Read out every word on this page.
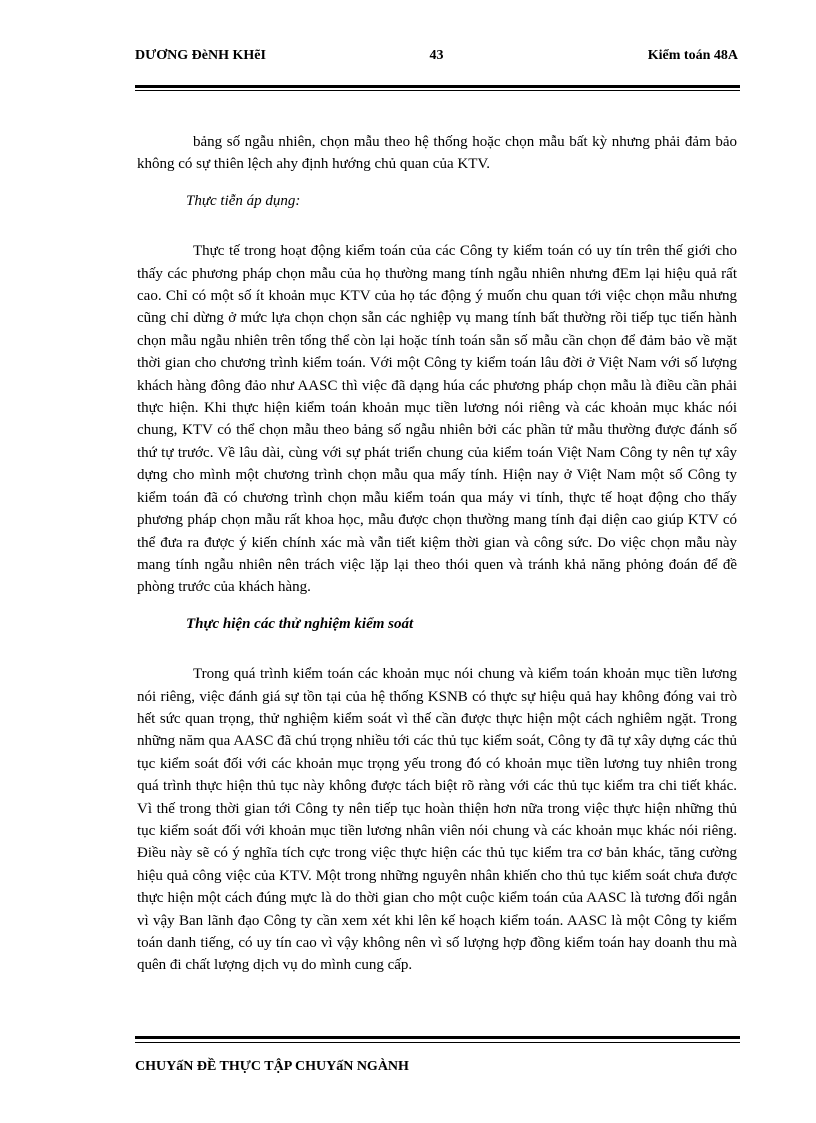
DƯƠNG ĐèNH KHẽI	43	Kiểm toán 48A

bảng số ngẫu nhiên, chọn mẫu theo hệ thống hoặc chọn mẫu bất kỳ nhưng phải đảm bảo không có sự thiên lệch ahy định hướng chủ quan của KTV.

Thực tiễn áp dụng:

Thực tế trong hoạt động kiểm toán của các Công ty kiểm toán có uy tín trên thế giới cho thấy các phương pháp chọn mẫu của họ thường mang tính ngẫu nhiên nhưng đEm lại hiệu quả rất cao. Chỉ có một số ít khoản mục KTV của họ tác động ý muốn chu quan tới việc chọn mẫu nhưng cũng chỉ dừng ở mức lựa chọn chọn sẵn các nghiệp vụ mang tính bất thường rồi tiếp tục tiến hành chọn mẫu ngẫu nhiên trên tổng thể còn lại hoặc tính toán sẵn số mẫu cần chọn để đảm bảo về mặt thời gian cho chương trình kiểm toán. Với một Công ty kiểm toán lâu đời ở Việt Nam với số lượng khách hàng đông đảo như AASC thì việc đã dạng húa các phương pháp chọn mẫu là điều cần phải thực hiện. Khi thực hiện kiểm toán khoản mục tiền lương nói riêng và các khoản mục khác nói chung, KTV có thể chọn mẫu theo bảng số ngẫu nhiên bởi các phần tử mẫu thường được đánh số thứ tự trước. Về lâu dài, cùng với sự phát triển chung của kiểm toán Việt Nam Công ty nên tự xây dựng cho mình một chương trình chọn mẫu qua mấy tính. Hiện nay ở Việt Nam một số Công ty kiểm toán đã có chương trình chọn mẫu kiểm toán qua máy vi tính, thực tế hoạt động cho thấy phương pháp chọn mẫu rất khoa học, mẫu được chọn thường mang tính đại diện cao giúp KTV có thể đưa ra được ý kiến chính xác mà vẫn tiết kiệm thời gian và công sức. Do việc chọn mẫu này mang tính ngẫu nhiên nên trách việc lặp lại theo thói quen và tránh khả năng phỏng đoán để đề phòng trước của khách hàng.

Thực hiện các thử nghiệm kiểm soát

Trong quá trình kiểm toán các khoản mục nói chung và kiểm toán khoản mục tiền lương nói riêng, việc đánh giá sự tồn tại của hệ thống KSNB có thực sự hiệu quả hay không đóng vai trò hết sức quan trọng, thử nghiệm kiểm soát vì thế cần được thực hiện một cách nghiêm ngặt. Trong những năm qua AASC đã chú trọng nhiều tới các thủ tục kiểm soát, Công ty đã tự xây dựng các thủ tục kiểm soát đối với các khoản mục trọng yếu trong đó có khoản mục tiền lương tuy nhiên trong quá trình thực hiện thủ tục này không được tách biệt rõ ràng với các thủ tục kiểm tra chi tiết khác. Vì thế trong thời gian tới Công ty nên tiếp tục hoàn thiện hơn nữa trong việc thực hiện những thủ tục kiểm soát đối với khoản mục tiền lương nhân viên nói chung và các khoản mục khác nói riêng. Điều này sẽ có ý nghĩa tích cực trong việc thực hiện các thủ tục kiểm tra cơ bản khác, tăng cường hiệu quả công việc của KTV. Một trong những nguyên nhân khiến cho thủ tục kiểm soát chưa được thực hiện một cách đúng mực là do thời gian cho một cuộc kiểm toán của AASC là tương đối ngắn vì vậy Ban lãnh đạo Công ty cần xem xét khi lên kế hoạch kiểm toán. AASC là một Công ty kiểm toán danh tiếng, có uy tín cao vì vậy không nên vì số lượng hợp đồng kiểm toán hay doanh thu mà quên đi chất lượng dịch vụ do mình cung cấp.

CHUYấN ĐỀ THỰC TẬP CHUYấN NGÀNH
